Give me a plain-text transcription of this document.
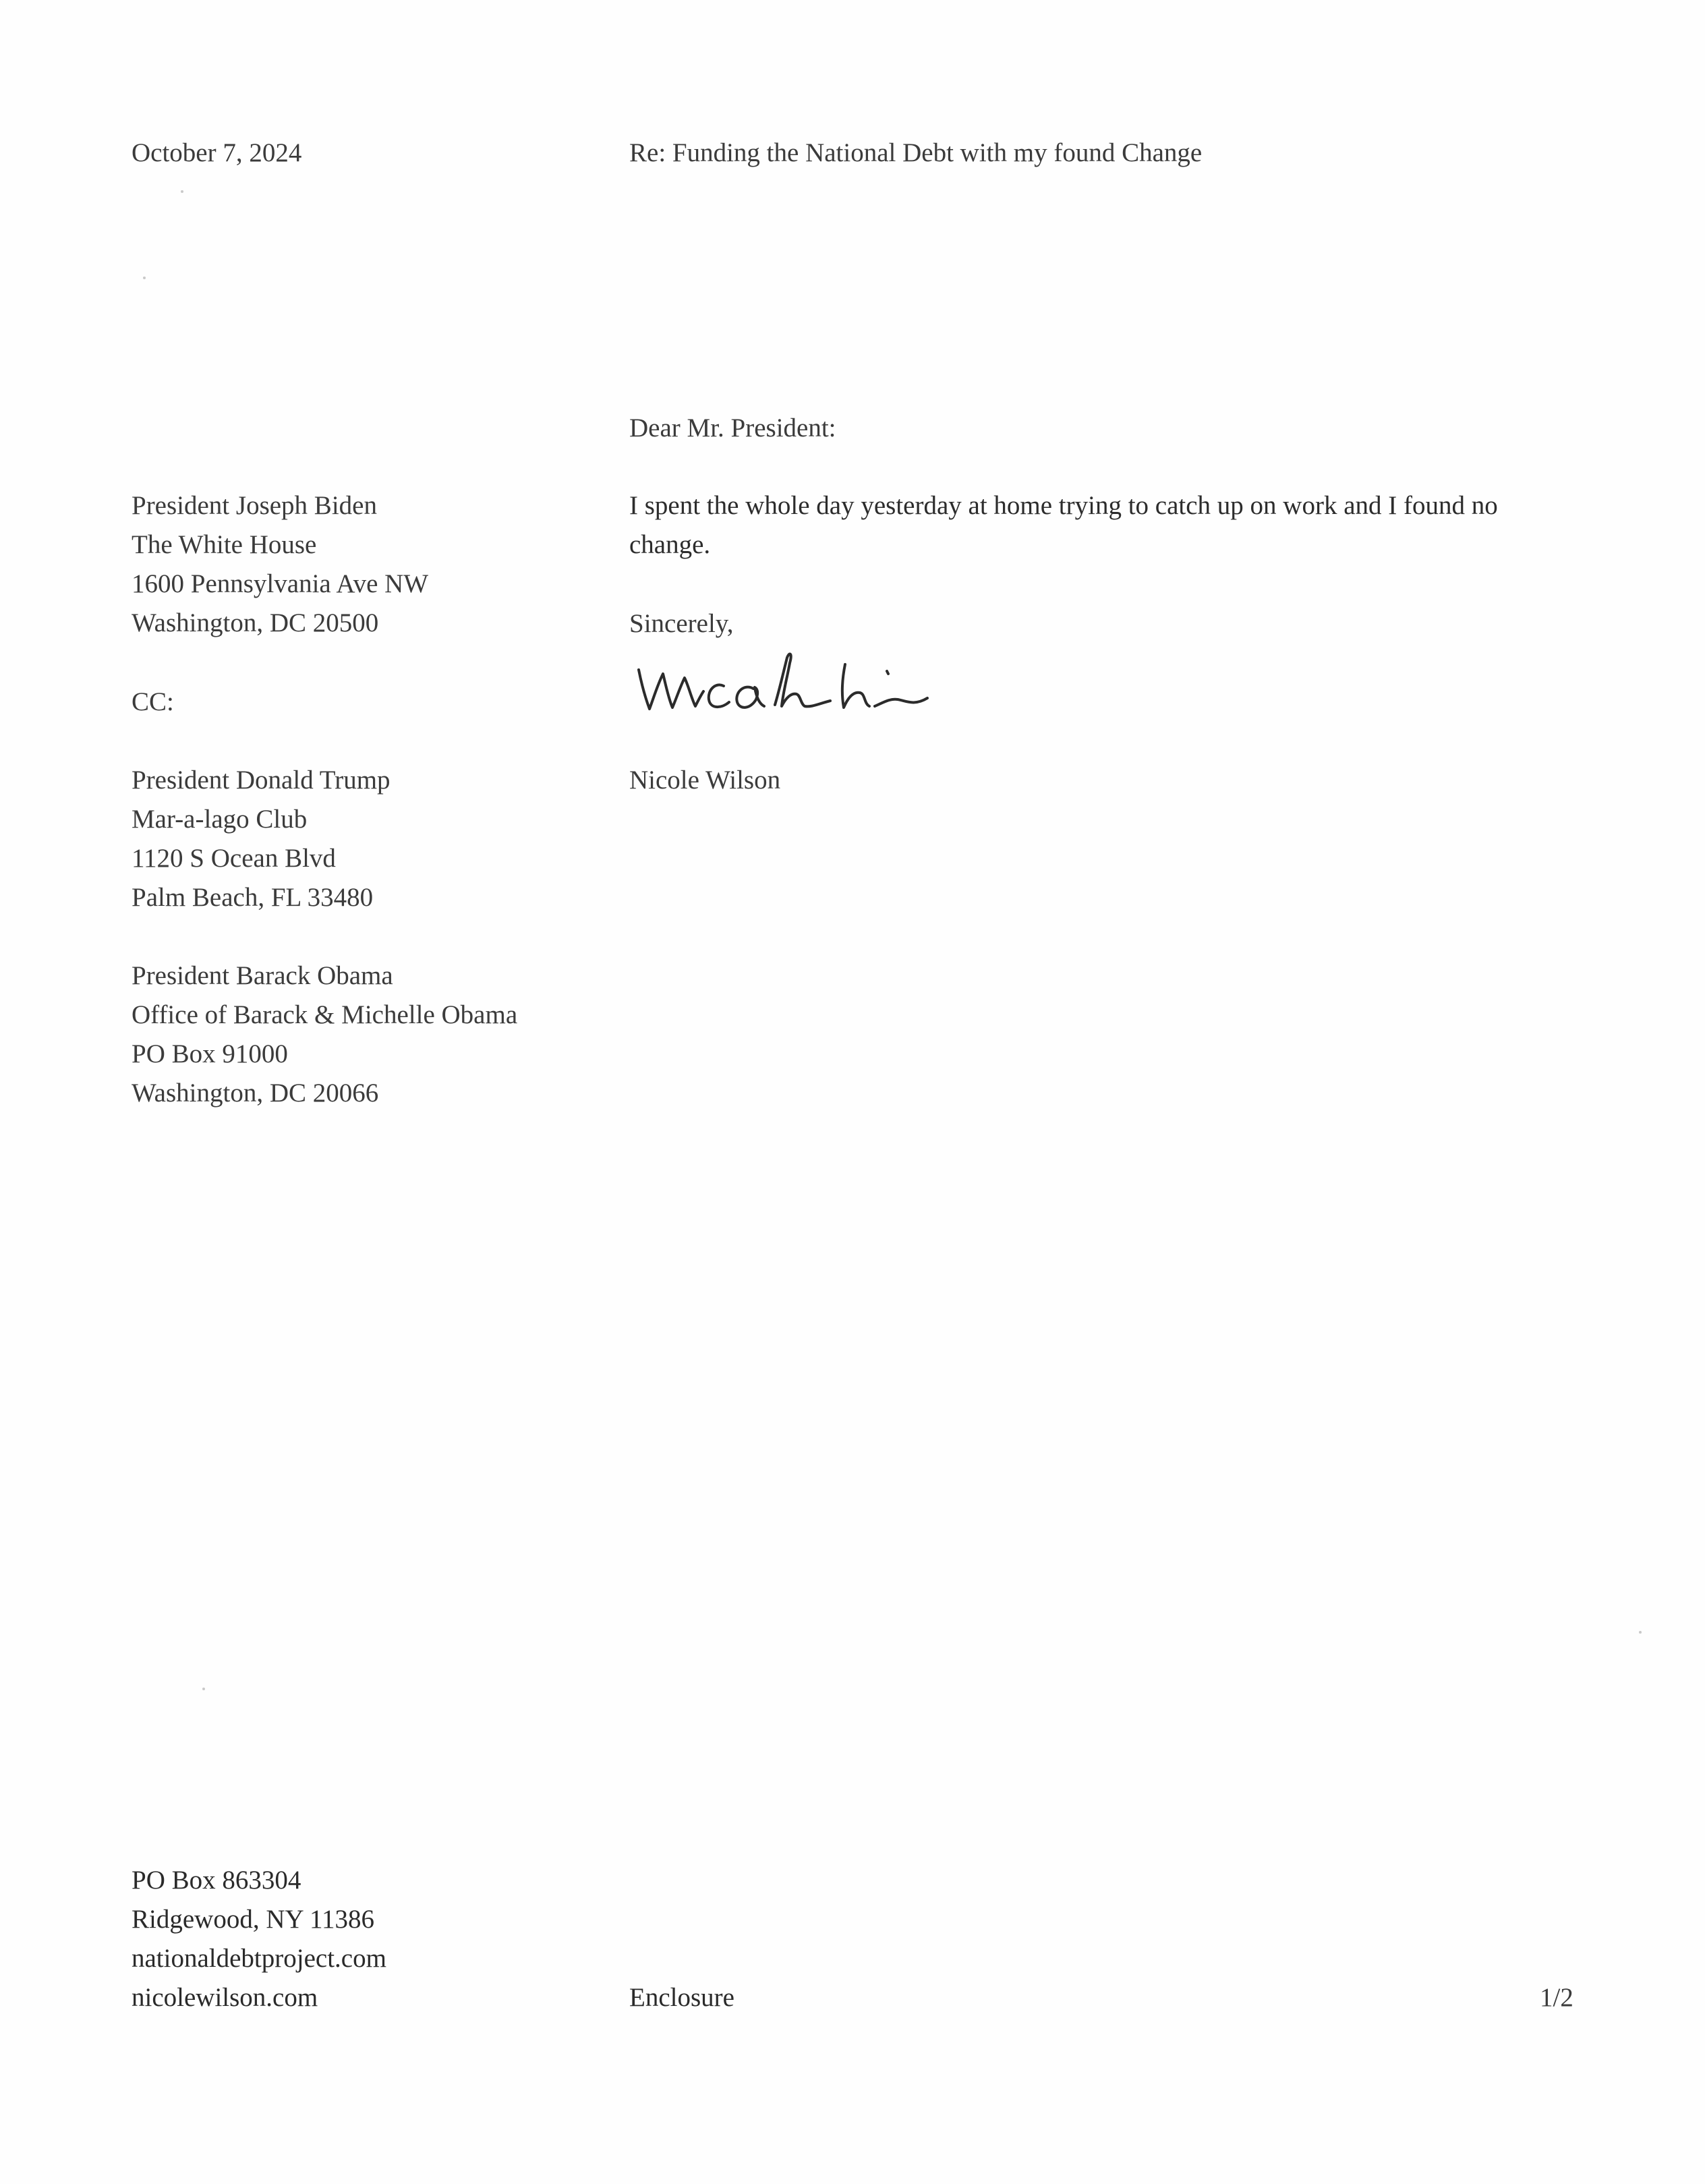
October 7, 2024	Re: Funding the National Debt with my found Change
Dear Mr. President:
President Joseph Biden
The White House
1600 Pennsylvania Ave NW
Washington, DC 20500
I spent the whole day yesterday at home trying to catch up on work and I found no
change.
Sincerely,
CC:
Nicole Wilson
President Donald Trump
Mar-a-lago Club
1120 S Ocean Blvd
Palm Beach, FL 33480
President Barack Obama
Office of Barack & Michelle Obama
PO Box 91000
Washington, DC 20066
PO Box 863304
Ridgewood, NY 11386
nationaldebtproject.com
nicolewilson.com	Enclosure	1/2
